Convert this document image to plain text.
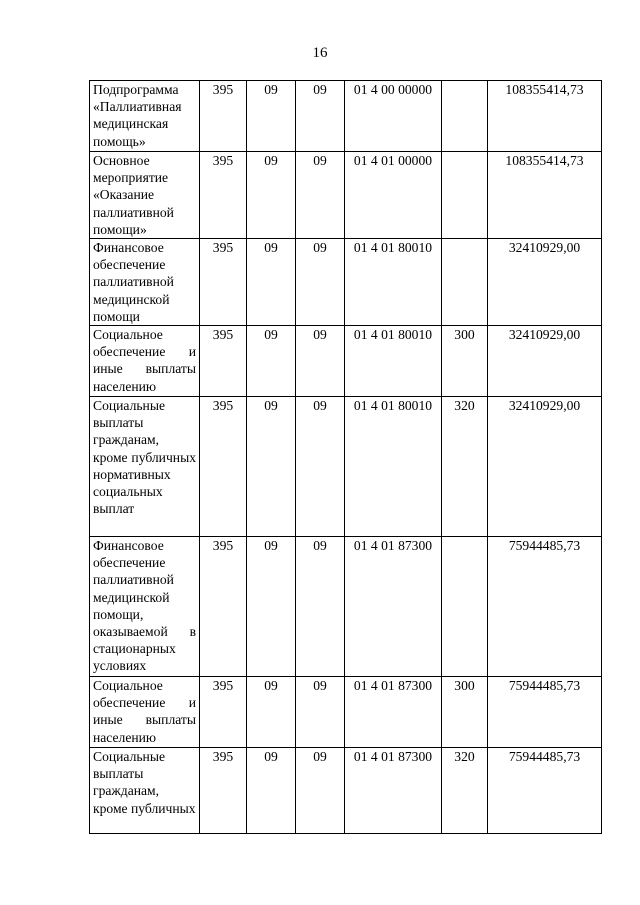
16
Подпрограмма «Паллиативная медицинская помощь»	395	09	09	01 4 00 00000		108355414,73
Основное мероприятие «Оказание паллиативной помощи»	395	09	09	01 4 01 00000		108355414,73
Финансовое обеспечение паллиативной медицинской помощи	395	09	09	01 4 01 80010		32410929,00
Социальное обеспечение и иные выплаты населению	395	09	09	01 4 01 80010	300	32410929,00
Социальные выплаты гражданам, кроме публичных нормативных социальных выплат	395	09	09	01 4 01 80010	320	32410929,00
Финансовое обеспечение паллиативной медицинской помощи, оказываемой в стационарных условиях	395	09	09	01 4 01 87300		75944485,73
Социальное обеспечение и иные выплаты населению	395	09	09	01 4 01 87300	300	75944485,73
Социальные выплаты гражданам, кроме публичных	395	09	09	01 4 01 87300	320	75944485,73
